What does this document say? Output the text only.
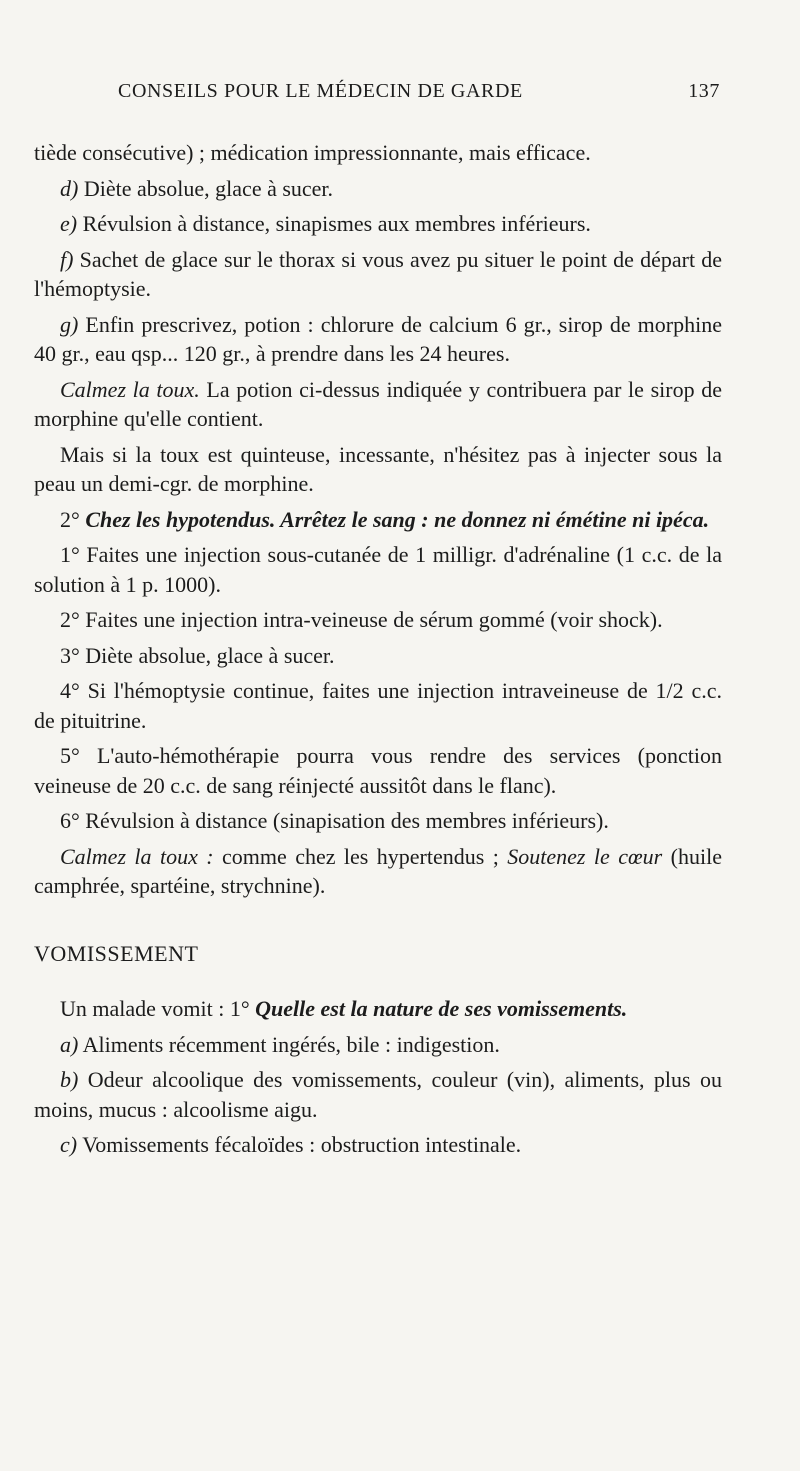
CONSEILS POUR LE MÉDECIN DE GARDE	137

tiède consécutive) ; médication impressionnante, mais efficace.

d) Diète absolue, glace à sucer.

e) Révulsion à distance, sinapismes aux membres inférieurs.

f) Sachet de glace sur le thorax si vous avez pu situer le point de départ de l'hémoptysie.

g) Enfin prescrivez, potion : chlorure de calcium 6 gr., sirop de morphine 40 gr., eau qsp... 120 gr., à prendre dans les 24 heures.

Calmez la toux. La potion ci-dessus indiquée y contribuera par le sirop de morphine qu'elle contient.

Mais si la toux est quinteuse, incessante, n'hésitez pas à injecter sous la peau un demi-cgr. de morphine.

2° Chez les hypotendus. Arrêtez le sang : ne donnez ni émétine ni ipéca.

1° Faites une injection sous-cutanée de 1 milligr. d'adrénaline (1 c.c. de la solution à 1 p. 1000).

2° Faites une injection intra-veineuse de sérum gommé (voir shock).

3° Diète absolue, glace à sucer.

4° Si l'hémoptysie continue, faites une injection intraveineuse de 1/2 c.c. de pituitrine.

5° L'auto-hémothérapie pourra vous rendre des services (ponction veineuse de 20 c.c. de sang réinjecté aussitôt dans le flanc).

6° Révulsion à distance (sinapisation des membres inférieurs).

Calmez la toux : comme chez les hypertendus ; Soutenez le cœur (huile camphrée, spartéine, strychnine).

VOMISSEMENT

Un malade vomit : 1° Quelle est la nature de ses vomissements.

a) Aliments récemment ingérés, bile : indigestion.

b) Odeur alcoolique des vomissements, couleur (vin), aliments, plus ou moins, mucus : alcoolisme aigu.

c) Vomissements fécaloïdes : obstruction intestinale.
